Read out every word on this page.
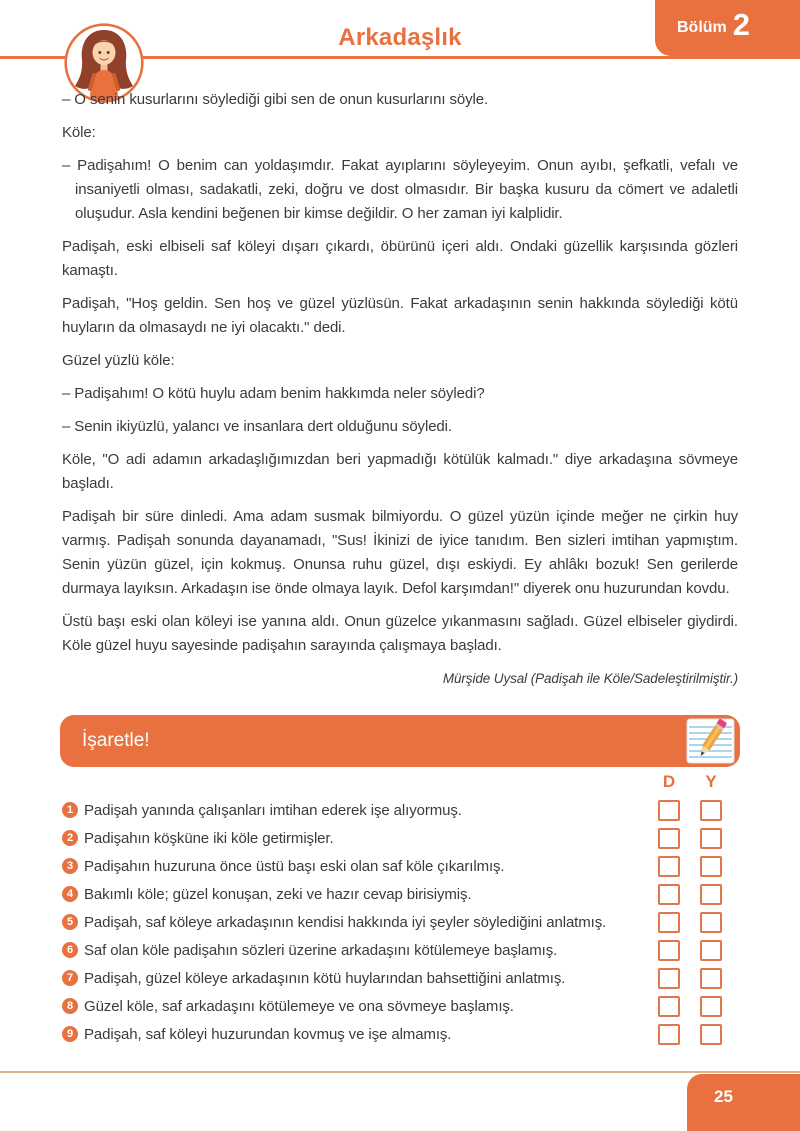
Arkadaşlık	Bölüm 2

– O senin kusurlarını söylediği gibi sen de onun kusurlarını söyle.

Köle:

– Padişahım! O benim can yoldaşımdır. Fakat ayıplarını söyleyeyim. Onun ayıbı, şefkatli, vefalı ve insaniyetli olması, sadakatli, zeki, doğru ve dost olmasıdır. Bir başka kusuru da cömert ve adaletli oluşudur. Asla kendini beğenen bir kimse değildir. O her zaman iyi kalplidir.

Padişah, eski elbiseli saf köleyi dışarı çıkardı, öbürünü içeri aldı. Ondaki güzellik karşısında gözleri kamaştı.

Padişah, "Hoş geldin. Sen hoş ve güzel yüzlüsün. Fakat arkadaşının senin hakkında söylediği kötü huyların da olmasaydı ne iyi olacaktı." dedi.

Güzel yüzlü köle:

– Padişahım! O kötü huylu adam benim hakkımda neler söyledi?

– Senin ikiyüzlü, yalancı ve insanlara dert olduğunu söyledi.

Köle, "O adi adamın arkadaşlığımızdan beri yapmadığı kötülük kalmadı." diye arkadaşına sövmeye başladı.

Padişah bir süre dinledi. Ama adam susmak bilmiyordu. O güzel yüzün içinde meğer ne çirkin huy varmış. Padişah sonunda dayanamadı, "Sus! İkinizi de iyice tanıdım. Ben sizleri imtihan yapmıştım. Senin yüzün güzel, için kokmuş. Onunsa ruhu güzel, dışı eskiydi. Ey ahlâkı bozuk! Sen gerilerde durmaya layıksın. Arkadaşın ise önde olmaya layık. Defol karşımdan!" diyerek onu huzurundan kovdu.

Üstü başı eski olan köleyi ise yanına aldı. Onun güzelce yıkanmasını sağladı. Güzel elbiseler giydirdi. Köle güzel huyu sayesinde padişahın sarayında çalışmaya başladı.

Mürşide Uysal (Padişah ile Köle/Sadeleştirilmiştir.)
İşaretle!
D	Y
1 Padişah yanında çalışanları imtihan ederek işe alıyormuş.
2 Padişahın köşküne iki köle getirmişler.
3 Padişahın huzuruna önce üstü başı eski olan saf köle çıkarılmış.
4 Bakımlı köle; güzel konuşan, zeki ve hazır cevap birisiymiş.
5 Padişah, saf köleye arkadaşının kendisi hakkında iyi şeyler söylediğini anlatmış.
6 Saf olan köle padişahın sözleri üzerine arkadaşını kötülemeye başlamış.
7 Padişah, güzel köleye arkadaşının kötü huylarından bahsettiğini anlatmış.
8 Güzel köle, saf arkadaşını kötülemeye ve ona sövmeye başlamış.
9 Padişah, saf köleyi huzurundan kovmuş ve işe almamış.
25
